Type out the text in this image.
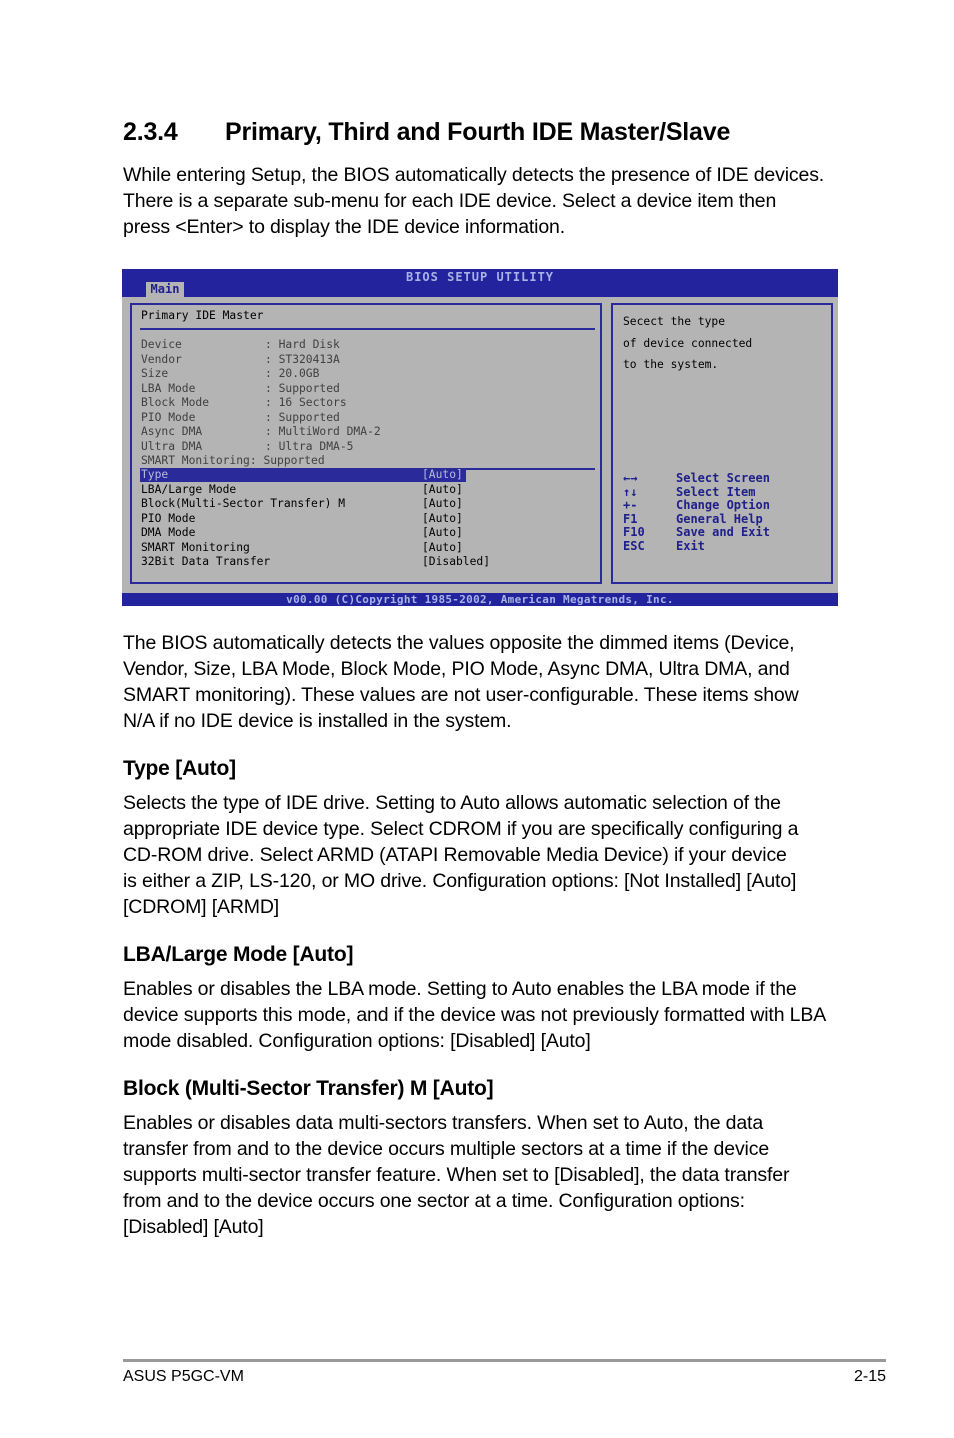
2.3.4 Primary, Third and Fourth IDE Master/Slave

While entering Setup, the BIOS automatically detects the presence of IDE devices.
There is a separate sub-menu for each IDE device. Select a device item then
press <Enter> to display the IDE device information.

BIOS SETUP UTILITY
Main
Primary IDE Master
Device	: Hard Disk
Vendor	: ST320413A
Size	: 20.0GB
LBA Mode	: Supported
Block Mode	: 16 Sectors
PIO Mode	: Supported
Async DMA	: MultiWord DMA-2
Ultra DMA	: Ultra DMA-5
SMART Monitoring: Supported
Type	[Auto]
LBA/Large Mode	[Auto]
Block(Multi-Sector Transfer) M	[Auto]
PIO Mode	[Auto]
DMA Mode	[Auto]
SMART Monitoring	[Auto]
32Bit Data Transfer	[Disabled]
Secect the type
of device connected
to the system.
←→	Select Screen
↑↓	Select Item
+-	Change Option
F1	General Help
F10	Save and Exit
ESC	Exit
v00.00 (C)Copyright 1985-2002, American Megatrends, Inc.

The BIOS automatically detects the values opposite the dimmed items (Device,
Vendor, Size, LBA Mode, Block Mode, PIO Mode, Async DMA, Ultra DMA, and
SMART monitoring). These values are not user-configurable. These items show
N/A if no IDE device is installed in the system.

Type [Auto]

Selects the type of IDE drive. Setting to Auto allows automatic selection of the
appropriate IDE device type. Select CDROM if you are specifically configuring a
CD-ROM drive. Select ARMD (ATAPI Removable Media Device) if your device
is either a ZIP, LS-120, or MO drive. Configuration options: [Not Installed] [Auto]
[CDROM] [ARMD]

LBA/Large Mode [Auto]

Enables or disables the LBA mode. Setting to Auto enables the LBA mode if the
device supports this mode, and if the device was not previously formatted with LBA
mode disabled. Configuration options: [Disabled] [Auto]

Block (Multi-Sector Transfer) M [Auto]

Enables or disables data multi-sectors transfers. When set to Auto, the data
transfer from and to the device occurs multiple sectors at a time if the device
supports multi-sector transfer feature. When set to [Disabled], the data transfer
from and to the device occurs one sector at a time. Configuration options:
[Disabled] [Auto]

ASUS P5GC-VM	2-15
